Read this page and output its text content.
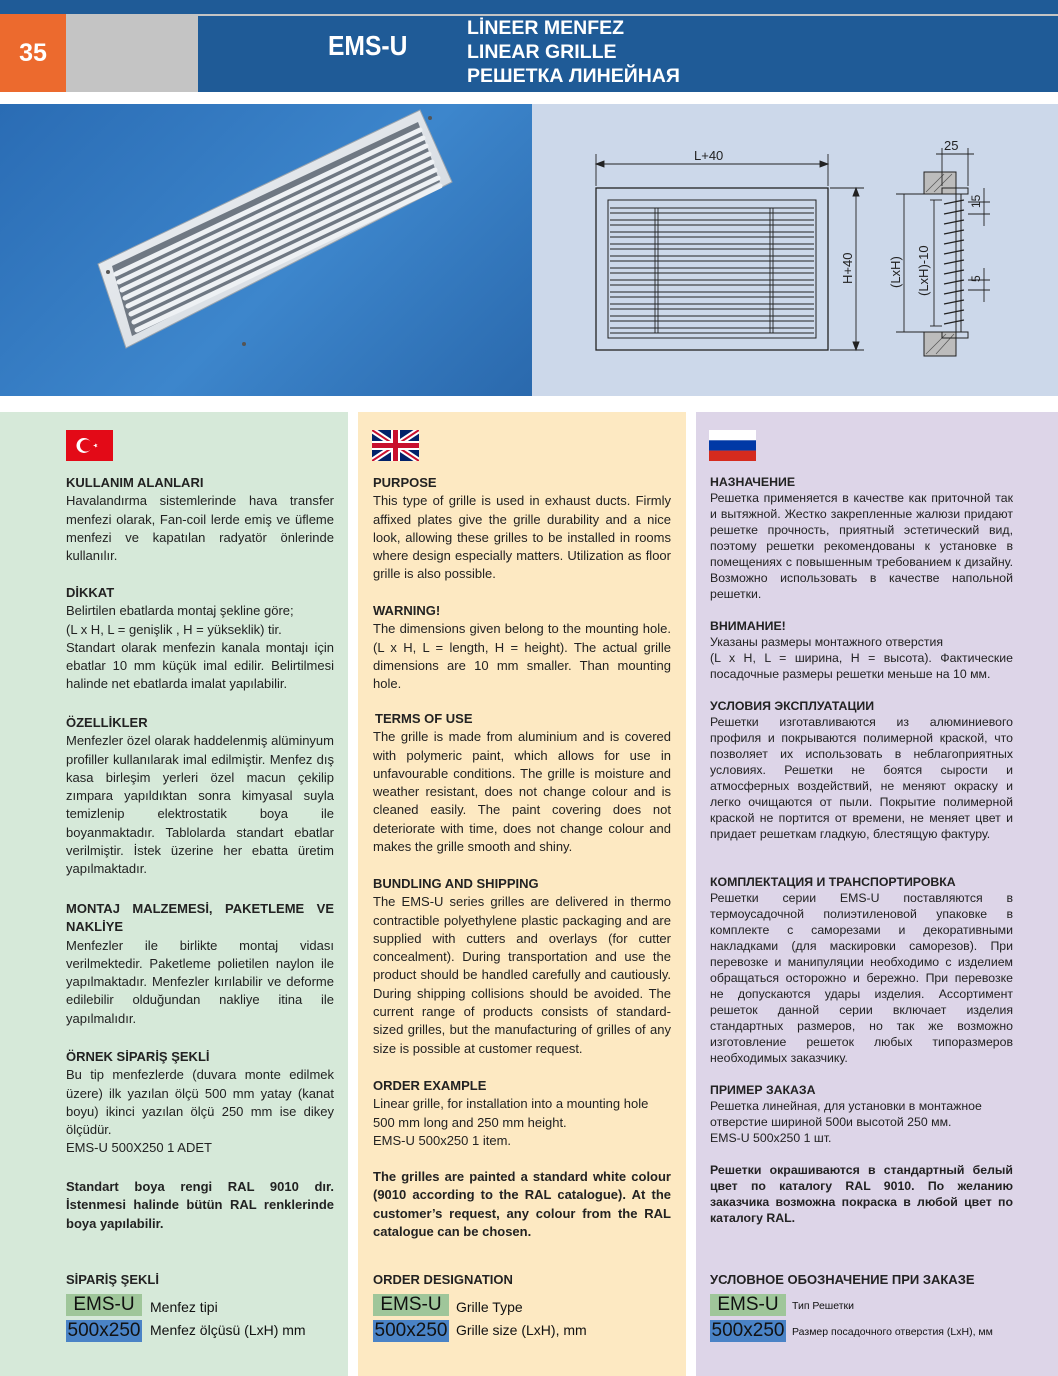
35	EMS-U
LİNEER MENFEZ
LINEAR GRILLE
РЕШЕТКА ЛИНЕЙНАЯ
L+40
H+40
25
15
5
(LxH) (LxH)-10
KULLANIM ALANLARI
Havalandırma sistemlerinde hava transfer menfezi olarak, Fan-coil lerde emiş ve üfleme menfezi ve kapatılan radyatör önlerinde kullanılır.
DİKKAT
Belirtilen ebatlarda montaj şekline göre;
(L x H, L = genişlik , H = yükseklik) tir.
Standart olarak menfezin kanala montajı için ebatlar 10 mm küçük imal edilir. Belirtilmesi halinde net ebatlarda imalat yapılabilir.
ÖZELLİKLER
Menfezler özel olarak haddelenmiş alüminyum profiller kullanılarak imal edilmiştir. Menfez dış kasa birleşim yerleri özel macun çekilip zımpara yapıldıktan sonra kimyasal suyla temizlenip elektrostatik boya ile boyanmaktadır. Tablolarda standart ebatlar verilmiştir. İstek üzerine her ebatta üretim yapılmaktadır.
MONTAJ MALZEMESİ, PAKETLEME VE NAKLİYE
Menfezler ile birlikte montaj vidası verilmektedir. Paketleme polietilen naylon ile yapılmaktadır. Menfezler kırılabilir ve deforme edilebilir olduğundan nakliye itina ile yapılmalıdır.
ÖRNEK SİPARİŞ ŞEKLİ
Bu tip menfezlerde (duvara monte edilmek üzere) ilk yazılan ölçü 500 mm yatay (kanat boyu) ikinci yazılan ölçü 250 mm ise dikey ölçüdür.
EMS-U 500X250 1 ADET
Standart boya rengi RAL 9010 dır. İstenmesi halinde bütün RAL renklerinde boya yapılabilir.
SİPARİŞ ŞEKLİ
EMS-U	Menfez tipi
500x250 Menfez ölçüsü (LxH) mm
PURPOSE
This type of grille is used in exhaust ducts. Firmly affixed plates give the grille durability and a nice look, allowing these grilles to be installed in rooms where design especially matters. Utilization as floor grille is also possible.
WARNING!
The dimensions given belong to the mounting hole. (L x H, L = length, H = height). The actual grille dimensions are 10 mm smaller. Than mounting hole.
TERMS OF USE
The grille is made from aluminium and is covered with polymeric paint, which allows for use in unfavourable conditions. The grille is moisture and weather resistant, does not change colour and is cleaned easily. The paint covering does not deteriorate with time, does not change colour and makes the grille smooth and shiny.
BUNDLING AND SHIPPING
The EMS-U series grilles are delivered in thermo contractible polyethylene plastic packaging and are supplied with cutters and overlays (for cutter concealment). During transportation and use the product should be handled carefully and cautiously. During shipping collisions should be avoided. The current range of products consists of standard-sized grilles, but the manufacturing of grilles of any size is possible at customer request.
ORDER EXAMPLE
Linear grille, for installation into a mounting hole 500 mm long and 250 mm height.
EMS-U 500x250 1 item.
The grilles are painted a standard white colour (9010 according to the RAL catalogue). At the customer’s request, any colour from the RAL catalogue can be chosen.
ORDER DESIGNATION
EMS-U	Grille Type
500x250 Grille size (LxH), mm
НАЗНАЧЕНИЕ
Решетка применяется в качестве как приточной так и вытяжной. Жестко закрепленные жалюзи придают решетке прочность, приятный эстетический вид, поэтому решетки рекомендованы к установке в помещениях с повышенным требованием к дизайну. Возможно использовать в качестве напольной решетки.
ВНИМАНИЕ!
Указаны размеры монтажного отверстия
(L x H, L = ширина, H = высота). Фактические посадочные размеры решетки меньше на 10 мм.
УСЛОВИЯ ЭКСПЛУАТАЦИИ
Решетки изготавливаются из алюминиевого профиля и покрываются полимерной краской, что позволяет их использовать в неблагоприятных условиях. Решетки не боятся сырости и атмосферных воздействий, не меняют окраску и легко очищаются от пыли. Покрытие полимерной краской не портится от времени, не меняет цвет и придает решеткам гладкую, блестящую фактуру.
КОМПЛЕКТАЦИЯ И ТРАНСПОРТИРОВКА
Решетки серии EMS-U поставляются в термоусадочной полиэтиленовой упаковке в комплекте с саморезами и декоративными накладками (для маскировки саморезов). При перевозке и манипуляции необходимо с изделием обращаться осторожно и бережно. При перевозке не допускаются удары изделия. Ассортимент решеток данной серии включает изделия стандартных размеров, но так же возможно изготовление решеток любых типоразмеров необходимых заказчику.
ПРИМЕР ЗАКАЗА
Решетка линейная, для установки в монтажное отверстие шириной 500и высотой 250 мм.
EMS-U 500x250 1 шт.
Решетки окрашиваются в стандартный белый цвет по каталогу RAL 9010. По желанию заказчика возможна покраска в любой цвет по каталогу RAL.
УСЛОВНОЕ ОБОЗНАЧЕНИЕ ПРИ ЗАКАЗЕ
EMS-U	Тип Решетки
500x250 Размер посадочного отверстия (LxH), мм
